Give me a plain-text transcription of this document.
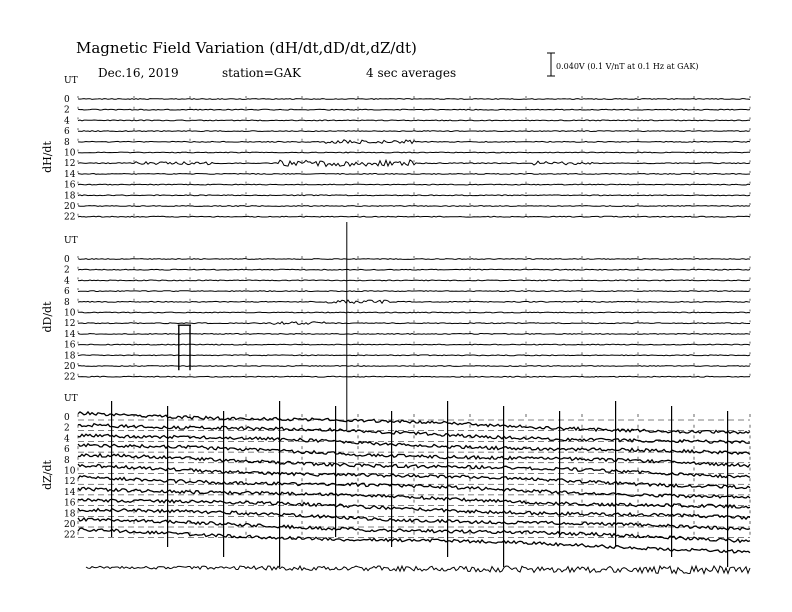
Magnetic Field Variation (dH/dt,dD/dt,dZ/dt)
Dec.16, 2019	station=GAK	4 sec averages	0.040V (0.1 V/nT at 0.1 Hz at GAK)
UT
dH/dt
0
2
4
6
8
10
12
14
16
18
20
22
UT
dD/dt
0
2
4
6
8
10
12
14
16
18
20
22
UT
dZ/dt
0
2
4
6
8
10
12
14
16
18
20
22
